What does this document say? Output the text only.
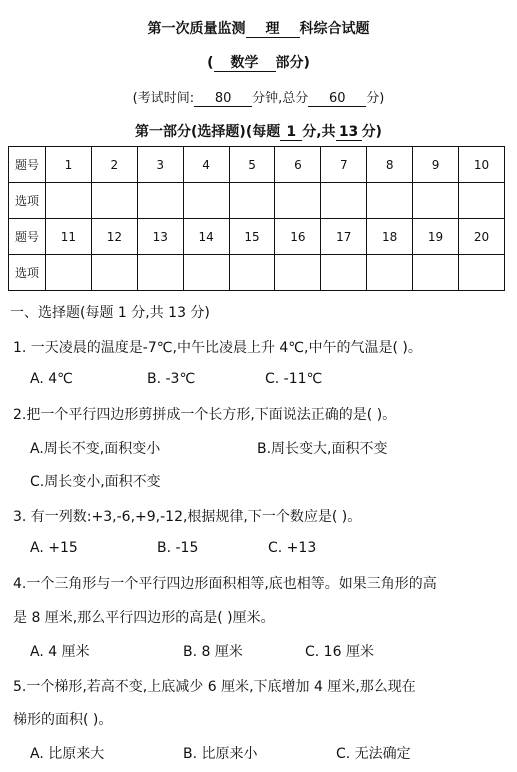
第一次质量监测 理 科综合试题
( 数学 部分)
(考试时间: 80 分钟,总分 60 分)
第一部分(选择题)(每题 1 分,共 13 分)
题号	1	2	3	4	5	6	7	8	9	10
选项										
题号	11	12	13	14	15	16	17	18	19	20
选项										
一、选择题(每题 1 分,共 13 分)
1. 一天凌晨的温度是-7℃,中午比凌晨上升 4℃,中午的气温是( )。
A. 4℃	B. -3℃	C. -11℃
2.把一个平行四边形剪拼成一个长方形,下面说法正确的是( )。
A.周长不变,面积变小	B.周长变大,面积不变
C.周长变小,面积不变
3. 有一列数:+3,-6,+9,-12,根据规律,下一个数应是( )。
A. +15	B. -15	C. +13
4.一个三角形与一个平行四边形面积相等,底也相等。如果三角形的高
是 8 厘米,那么平行四边形的高是( )厘米。
A. 4 厘米	B. 8 厘米	C. 16 厘米
5.一个梯形,若高不变,上底减少 6 厘米,下底增加 4 厘米,那么现在
梯形的面积( )。
A. 比原来大	B. 比原来小	C. 无法确定
